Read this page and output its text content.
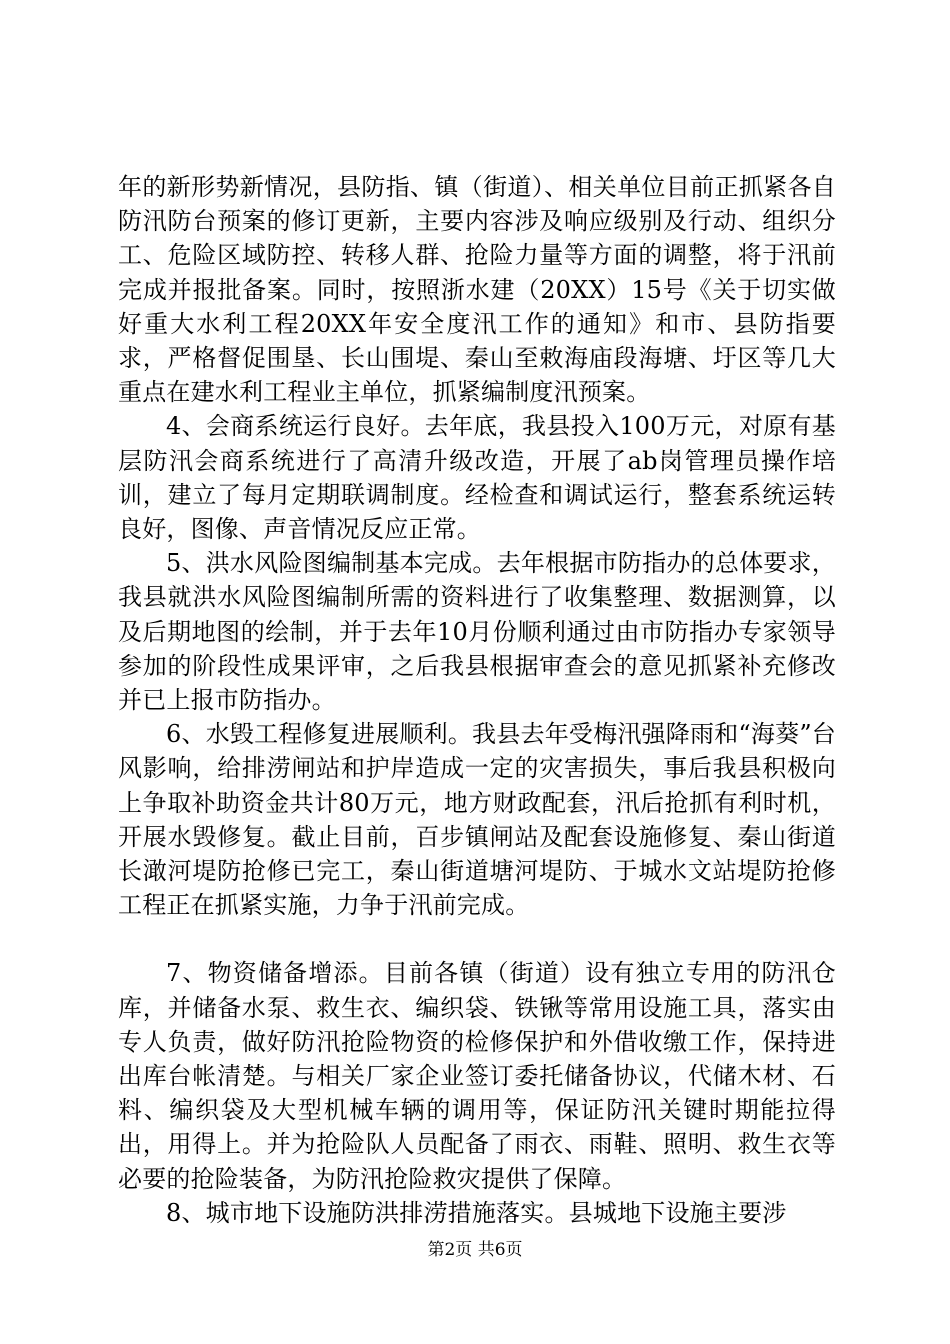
年的新形势新情况，县防指、镇（街道）、相关单位目前正抓紧各自防汛防台预案的修订更新，主要内容涉及响应级别及行动、组织分工、危险区域防控、转移人群、抢险力量等方面的调整，将于汛前完成并报批备案。同时，按照浙水建（20XX）15号《关于切实做好重大水利工程20XX年安全度汛工作的通知》和市、县防指要求，严格督促围垦、长山围堤、秦山至敕海庙段海塘、圩区等几大重点在建水利工程业主单位，抓紧编制度汛预案。

4、会商系统运行良好。去年底，我县投入100万元，对原有基层防汛会商系统进行了高清升级改造，开展了ab岗管理员操作培训，建立了每月定期联调制度。经检查和调试运行，整套系统运转良好，图像、声音情况反应正常。

5、洪水风险图编制基本完成。去年根据市防指办的总体要求，我县就洪水风险图编制所需的资料进行了收集整理、数据测算，以及后期地图的绘制，并于去年10月份顺利通过由市防指办专家领导参加的阶段性成果评审，之后我县根据审查会的意见抓紧补充修改并已上报市防指办。

6、水毁工程修复进展顺利。我县去年受梅汛强降雨和“海葵”台风影响，给排涝闸站和护岸造成一定的灾害损失，事后我县积极向上争取补助资金共计80万元，地方财政配套，汛后抢抓有利时机，开展水毁修复。截止目前，百步镇闸站及配套设施修复、秦山街道长澉河堤防抢修已完工，秦山街道塘河堤防、于城水文站堤防抢修工程正在抓紧实施，力争于汛前完成。

7、物资储备增添。目前各镇（街道）设有独立专用的防汛仓库，并储备水泵、救生衣、编织袋、铁锹等常用设施工具，落实由专人负责，做好防汛抢险物资的检修保护和外借收缴工作，保持进出库台帐清楚。与相关厂家企业签订委托储备协议，代储木材、石料、编织袋及大型机械车辆的调用等，保证防汛关键时期能拉得出，用得上。并为抢险队人员配备了雨衣、雨鞋、照明、救生衣等必要的抢险装备，为防汛抢险救灾提供了保障。

8、城市地下设施防洪排涝措施落实。县城地下设施主要涉

第2页 共6页
